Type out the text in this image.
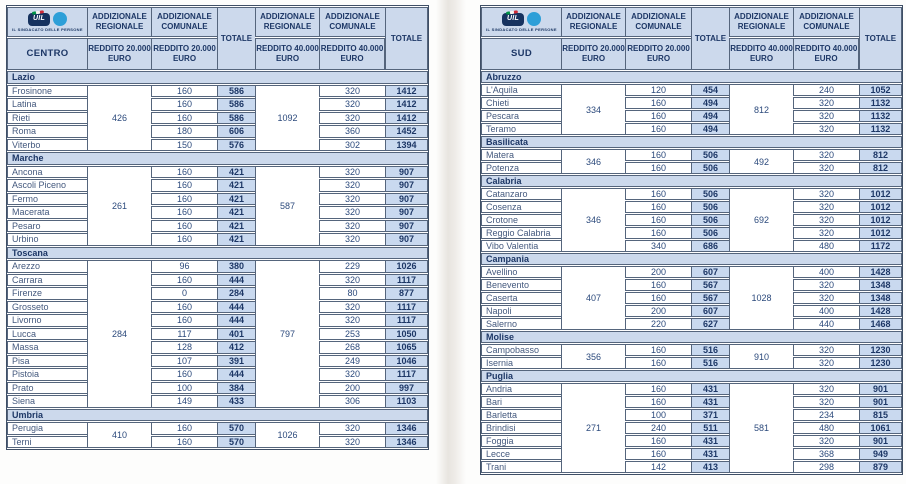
UIL
IL SINDACATO DELLE PERSONE	ADDIZIONALE REGIONALE	ADDIZIONALE COMUNALE	TOTALE	ADDIZIONALE REGIONALE	ADDIZIONALE COMUNALE	TOTALE
CENTRO	REDDITO 20.000 EURO	REDDITO 20.000 EURO		REDDITO 40.000 EURO	REDDITO 40.000 EURO	
Lazio						
Frosinone	426	160	586	1092	320	1412
Latina		160	586		320	1412
Rieti		160	586		320	1412
Roma		180	606		360	1452
Viterbo		150	576		302	1394
Marche						
Ancona	261	160	421	587	320	907
Ascoli Piceno		160	421		320	907
Fermo		160	421		320	907
Macerata		160	421		320	907
Pesaro		160	421		320	907
Urbino		160	421		320	907
Toscana						
Arezzo	284	96	380	797	229	1026
Carrara		160	444		320	1117
Firenze		0	284		80	877
Grosseto		160	444		320	1117
Livorno		160	444		320	1117
Lucca		117	401		253	1050
Massa		128	412		268	1065
Pisa		107	391		249	1046
Pistoia		160	444		320	1117
Prato		100	384		200	997
Siena		149	433		306	1103
Umbria						
Perugia	410	160	570	1026	320	1346
Terni		160	570		320	1346
UIL
IL SINDACATO DELLE PERSONE	ADDIZIONALE REGIONALE	ADDIZIONALE COMUNALE	TOTALE	ADDIZIONALE REGIONALE	ADDIZIONALE COMUNALE	TOTALE
SUD	REDDITO 20.000 EURO	REDDITO 20.000 EURO		REDDITO 40.000 EURO	REDDITO 40.000 EURO	
Abruzzo						
L'Aquila	334	120	454	812	240	1052
Chieti		160	494		320	1132
Pescara		160	494		320	1132
Teramo		160	494		320	1132
Basilicata						
Matera	346	160	506	492	320	812
Potenza		160	506		320	812
Calabria						
Catanzaro	346	160	506	692	320	1012
Cosenza		160	506		320	1012
Crotone		160	506		320	1012
Reggio Calabria		160	506		320	1012
Vibo Valentia		340	686		480	1172
Campania						
Avellino	407	200	607	1028	400	1428
Benevento		160	567		320	1348
Caserta		160	567		320	1348
Napoli		200	607		400	1428
Salerno		220	627		440	1468
Molise						
Campobasso	356	160	516	910	320	1230
Isernia		160	516		320	1230
Puglia						
Andria	271	160	431	581	320	901
Bari		160	431		320	901
Barletta		100	371		234	815
Brindisi		240	511		480	1061
Foggia		160	431		320	901
Lecce		160	431		368	949
Trani		142	413		298	879
